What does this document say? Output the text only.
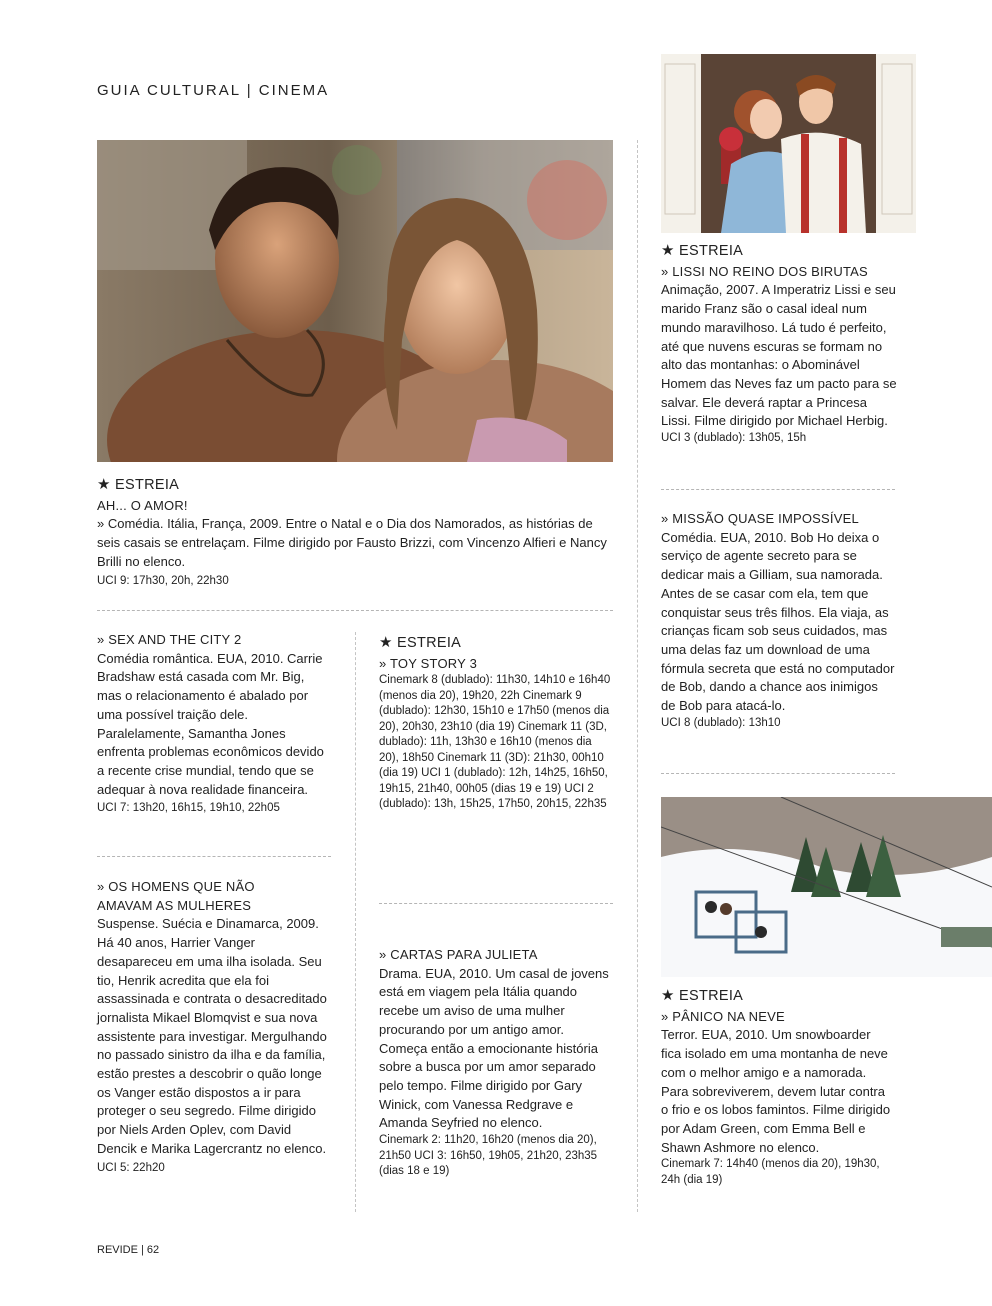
GUIA CULTURAL | CINEMA
★ ESTREIA
AH... O AMOR!
» Comédia. Itália, França, 2009. Entre o Natal e o Dia dos Namorados, as histórias de seis casais se entrelaçam. Filme dirigido por Fausto Brizzi, com Vincenzo Alfieri e Nancy Brilli no elenco.
UCI 9: 17h30, 20h, 22h30
» SEX AND THE CITY 2
Comédia romântica. EUA, 2010. Carrie Bradshaw está casada com Mr. Big, mas o relacionamento é abalado por uma possível traição dele. Paralelamente, Samantha Jones enfrenta problemas econômicos devido a recente crise mundial, tendo que se adequar à nova realidade financeira.
UCI 7: 13h20, 16h15, 19h10, 22h05
» OS HOMENS QUE NÃO AMAVAM AS MULHERES
Suspense. Suécia e Dinamarca, 2009. Há 40 anos, Harrier Vanger desapareceu em uma ilha isolada. Seu tio, Henrik acredita que ela foi assassinada e contrata o desacreditado jornalista Mikael Blomqvist e sua nova assistente para investigar. Mergulhando no passado sinistro da ilha e da família, estão prestes a descobrir o quão longe os Vanger estão dispostos a ir para proteger o seu segredo. Filme dirigido por Niels Arden Oplev, com David Dencik e Marika Lagercrantz no elenco.
UCI 5: 22h20
★ ESTREIA
» TOY STORY 3
Cinemark 8 (dublado): 11h30, 14h10 e 16h40 (menos dia 20), 19h20, 22h Cinemark 9 (dublado): 12h30, 15h10 e 17h50 (menos dia 20), 20h30, 23h10 (dia 19) Cinemark 11 (3D, dublado): 11h, 13h30 e 16h10 (menos dia 20), 18h50 Cinemark 11 (3D): 21h30, 00h10 (dia 19) UCI 1 (dublado): 12h, 14h25, 16h50, 19h15, 21h40, 00h05 (dias 19 e 19) UCI 2 (dublado): 13h, 15h25, 17h50, 20h15, 22h35
» CARTAS PARA JULIETA
Drama. EUA, 2010. Um casal de jovens está em viagem pela Itália quando recebe um aviso de uma mulher procurando por um antigo amor. Começa então a emocionante história sobre a busca por um amor separado pelo tempo. Filme dirigido por Gary Winick, com Vanessa Redgrave e Amanda Seyfried no elenco.
Cinemark 2: 11h20, 16h20 (menos dia 20), 21h50 UCI 3: 16h50, 19h05, 21h20, 23h35 (dias 18 e 19)
★ ESTREIA
» LISSI NO REINO DOS BIRUTAS
Animação, 2007. A Imperatriz Lissi e seu marido Franz são o casal ideal num mundo maravilhoso. Lá tudo é perfeito, até que nuvens escuras se formam no alto das montanhas: o Abominável Homem das Neves faz um pacto para se salvar. Ele deverá raptar a Princesa Lissi. Filme dirigido por Michael Herbig.
UCI 3 (dublado): 13h05, 15h
» MISSÃO QUASE IMPOSSÍVEL
Comédia. EUA, 2010. Bob Ho deixa o serviço de agente secreto para se dedicar mais a Gilliam, sua namorada. Antes de se casar com ela, tem que conquistar seus três filhos. Ela viaja, as crianças ficam sob seus cuidados, mas uma delas faz um download de uma fórmula secreta que está no computador de Bob, dando a chance aos inimigos de Bob para atacá-lo.
UCI 8 (dublado): 13h10
★ ESTREIA
» PÂNICO NA NEVE
Terror. EUA, 2010. Um snowboarder fica isolado em uma montanha de neve com o melhor amigo e a namorada. Para sobreviverem, devem lutar contra o frio e os lobos famintos. Filme dirigido por Adam Green, com Emma Bell e Shawn Ashmore no elenco.
Cinemark 7: 14h40 (menos dia 20), 19h30, 24h (dia 19)
REVIDE | 62
